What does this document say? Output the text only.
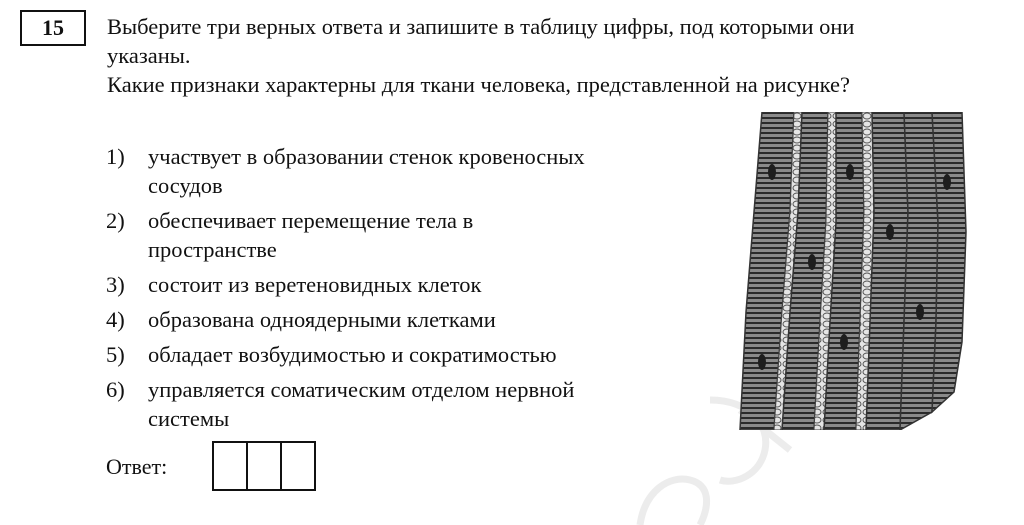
15	Выберите три верных ответа и запишите в таблицу цифры, под которыми они
указаны.
Какие признаки характерны для ткани человека, представленной на рисунке?
1)	участвует в образовании стенок кровеносных сосудов
2)	обеспечивает перемещение тела в пространстве
3)	состоит из веретеновидных клеток
4)	образована одноядерными клетками
5)	обладает возбудимостью и сократимостью
6)	управляется соматическим отделом нервной системы
Ответ:
